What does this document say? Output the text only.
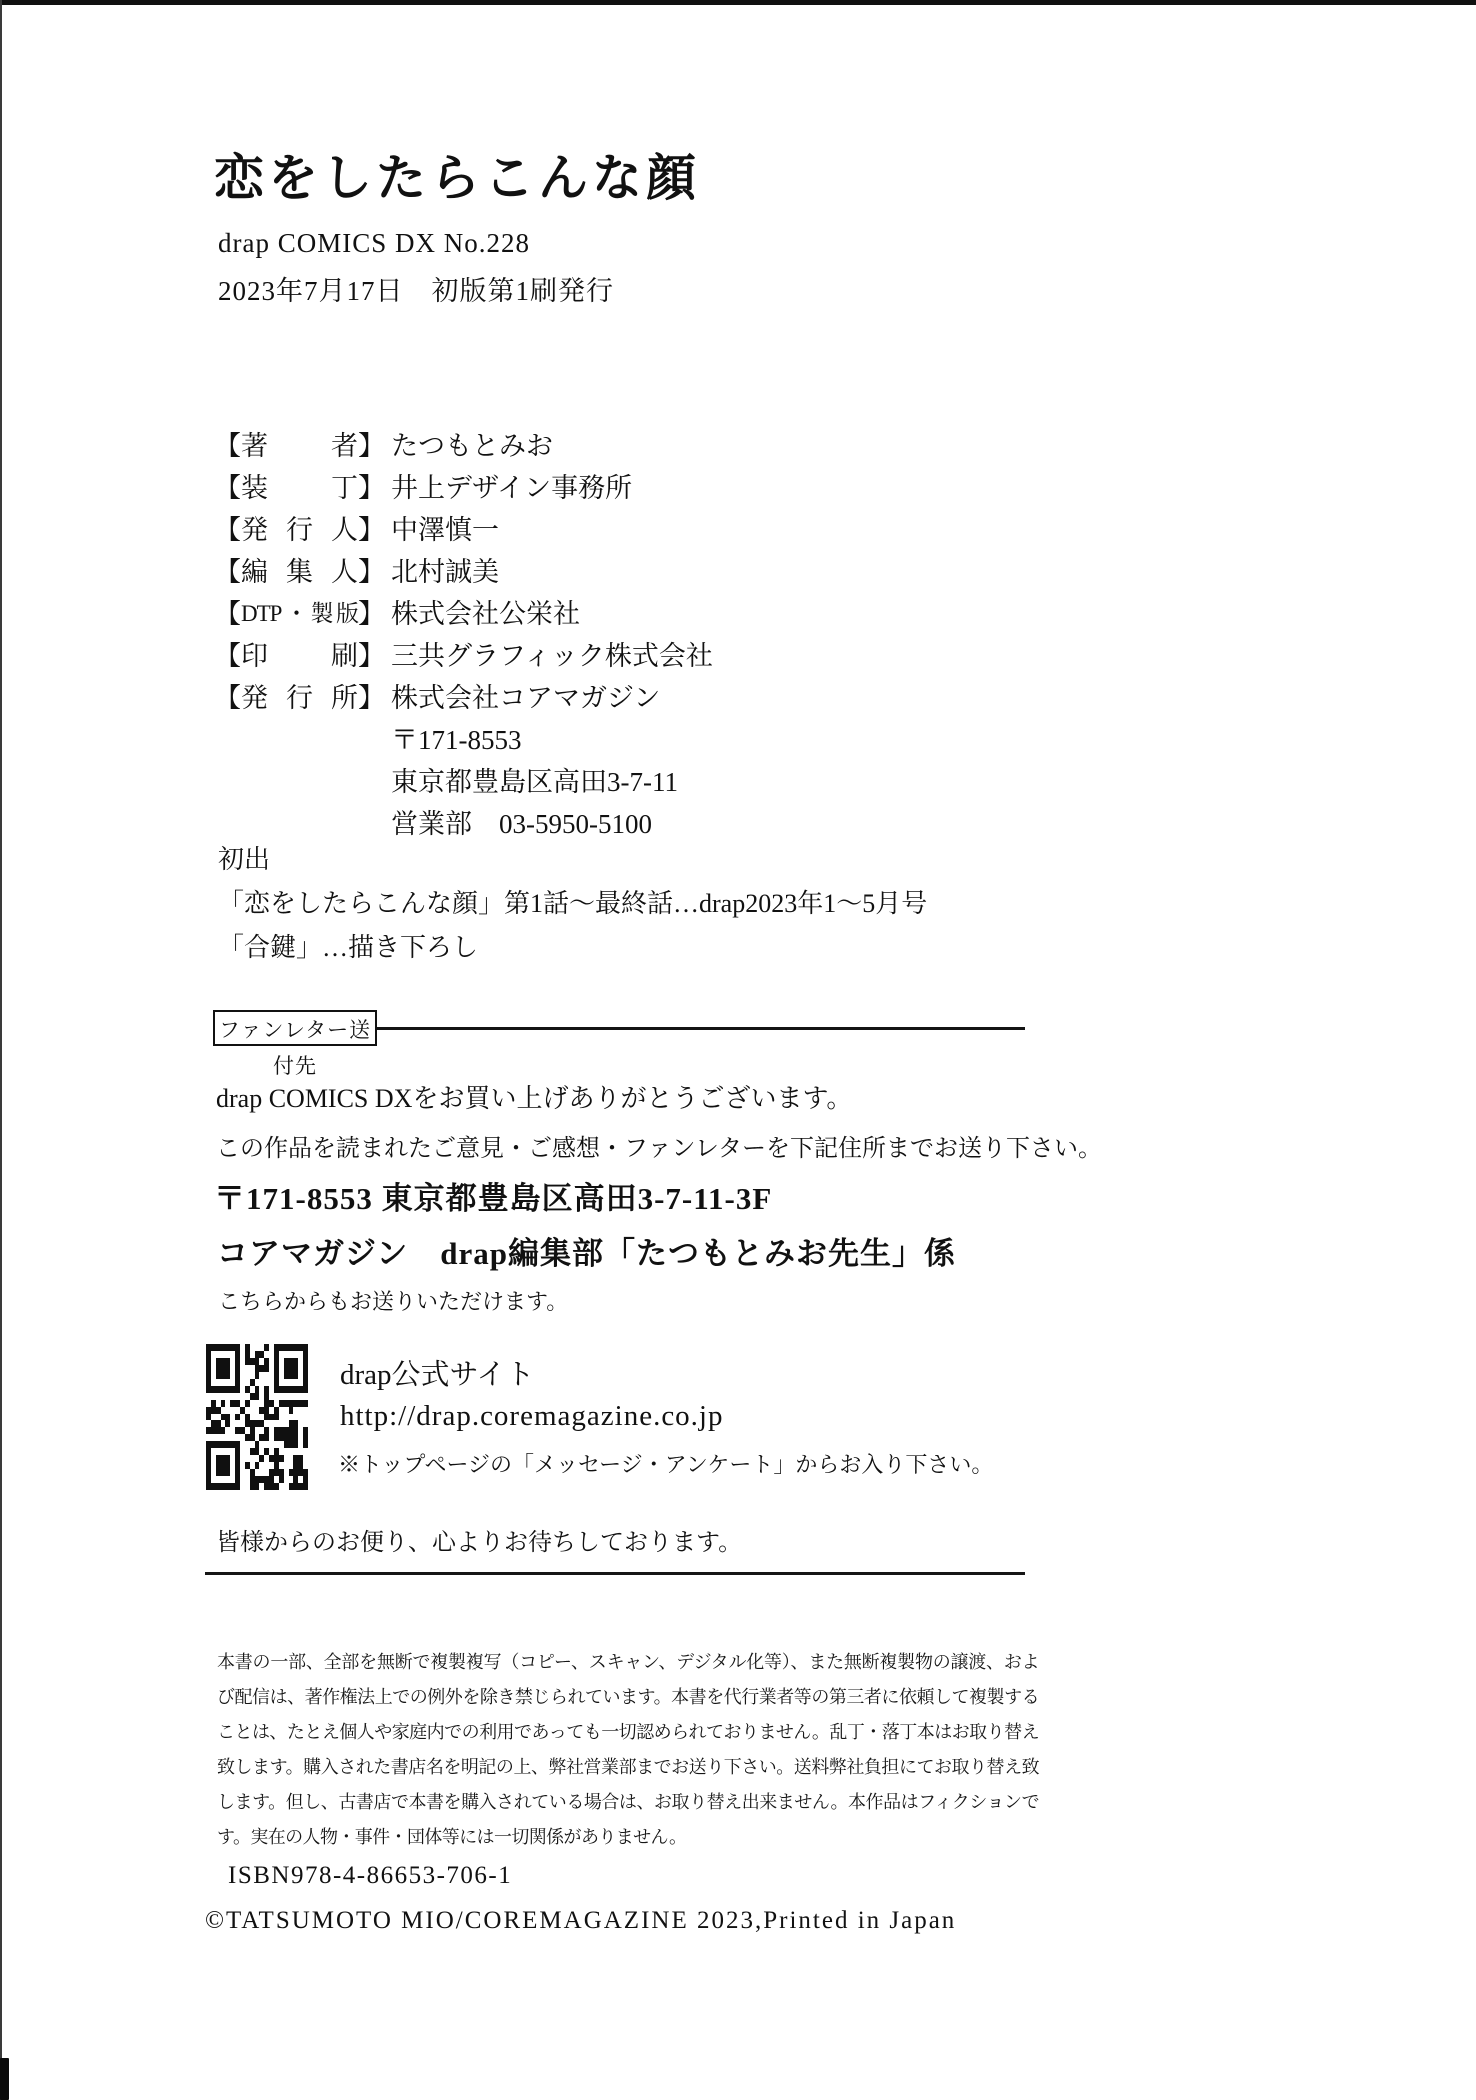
恋をしたらこんな顔
drap COMICS DX No.228
2023年7月17日　初版第1刷発行
【著者】 たつもとみお
【装丁】 井上デザイン事務所
【発行人】 中澤慎一
【編集人】 北村誠美
【DTP・製版】 株式会社公栄社
【印刷】 三共グラフィック株式会社
【発行所】 株式会社コアマガジン
〒171-8553
東京都豊島区高田3-7-11
営業部　03-5950-5100
初出
「恋をしたらこんな顔」第1話～最終話…drap2023年1～5月号
「合鍵」…描き下ろし
ファンレター送付先
drap COMICS DXをお買い上げありがとうございます。
この作品を読まれたご意見・ご感想・ファンレターを下記住所までお送り下さい。
〒171-8553 東京都豊島区高田3-7-11-3F
コアマガジン　drap編集部「たつもとみお先生」係
こちらからもお送りいただけます。
drap公式サイト
http://drap.coremagazine.co.jp
※トップページの「メッセージ・アンケート」からお入り下さい。
皆様からのお便り、心よりお待ちしております。
本書の一部、全部を無断で複製複写（コピー、スキャン、デジタル化等）、また無断複製物の譲渡、および配信は、著作権法上での例外を除き禁じられています。本書を代行業者等の第三者に依頼して複製することは、たとえ個人や家庭内での利用であっても一切認められておりません。乱丁・落丁本はお取り替え致します。購入された書店名を明記の上、弊社営業部までお送り下さい。送料弊社負担にてお取り替え致します。但し、古書店で本書を購入されている場合は、お取り替え出来ません。本作品はフィクションです。実在の人物・事件・団体等には一切関係がありません。
ISBN978-4-86653-706-1
©TATSUMOTO MIO/COREMAGAZINE 2023,Printed in Japan
